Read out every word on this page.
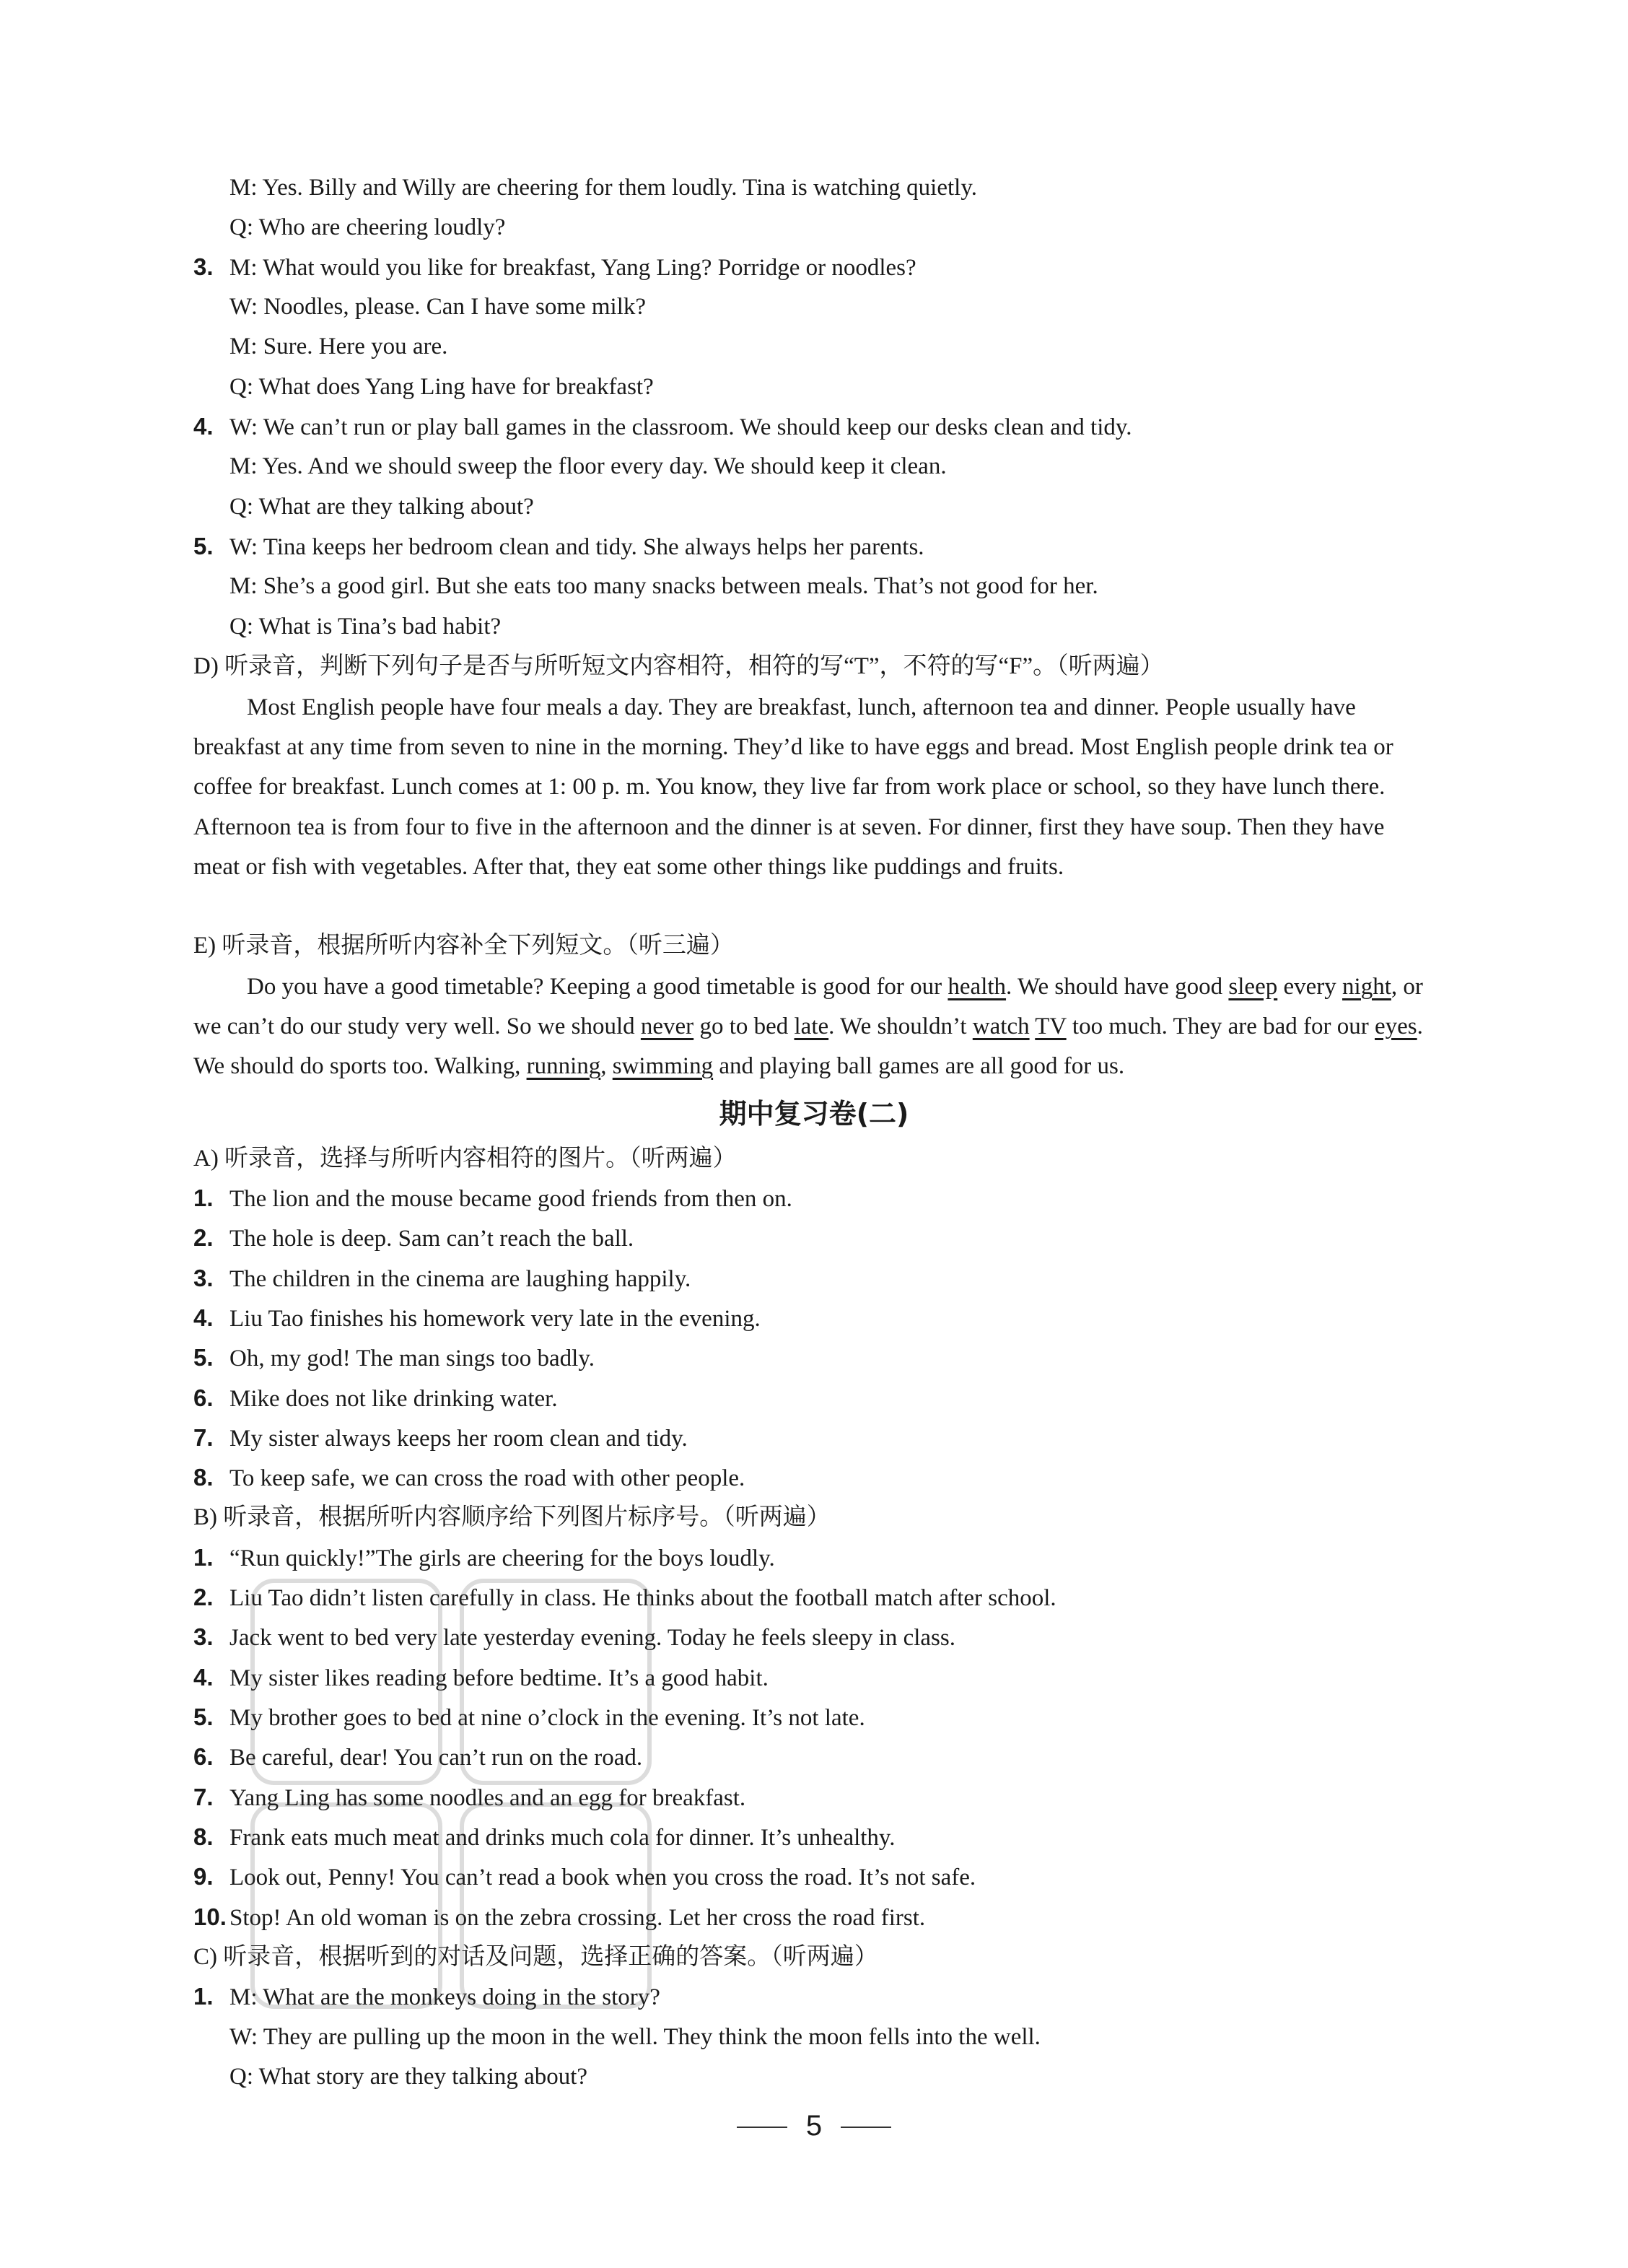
M: Yes. Billy and Willy are cheering for them loudly. Tina is watching quietly.
Q: Who are cheering loudly?
3. M: What would you like for breakfast, Yang Ling? Porridge or noodles?
W: Noodles, please. Can I have some milk?
M: Sure. Here you are.
Q: What does Yang Ling have for breakfast?
4. W: We can’t run or play ball games in the classroom. We should keep our desks clean and tidy.
M: Yes. And we should sweep the floor every day. We should keep it clean.
Q: What are they talking about?
5. W: Tina keeps her bedroom clean and tidy. She always helps her parents.
M: She’s a good girl. But she eats too many snacks between meals. That’s not good for her.
Q: What is Tina’s bad habit?
D) 听录音，判断下列句子是否与所听短文内容相符，相符的写“T”，不符的写“F”。（听两遍）
Most English people have four meals a day. They are breakfast, lunch, afternoon tea and dinner. People usually have breakfast at any time from seven to nine in the morning. They’d like to have eggs and bread. Most English people drink tea or coffee for breakfast. Lunch comes at 1: 00 p. m. You know, they live far from work place or school, so they have lunch there. Afternoon tea is from four to five in the afternoon and the dinner is at seven. For dinner, first they have soup. Then they have meat or fish with vegetables. After that, they eat some other things like puddings and fruits.
E) 听录音，根据所听内容补全下列短文。（听三遍）
Do you have a good timetable? Keeping a good timetable is good for our health. We should have good sleep every night, or we can’t do our study very well. So we should never go to bed late. We shouldn’t watch TV too much. They are bad for our eyes. We should do sports too. Walking, running, swimming and playing ball games are all good for us.
期中复习卷(二)
A) 听录音，选择与所听内容相符的图片。（听两遍）
1. The lion and the mouse became good friends from then on.
2. The hole is deep. Sam can’t reach the ball.
3. The children in the cinema are laughing happily.
4. Liu Tao finishes his homework very late in the evening.
5. Oh, my god! The man sings too badly.
6. Mike does not like drinking water.
7. My sister always keeps her room clean and tidy.
8. To keep safe, we can cross the road with other people.
B) 听录音，根据所听内容顺序给下列图片标序号。（听两遍）
1. “Run quickly!”The girls are cheering for the boys loudly.
2. Liu Tao didn’t listen carefully in class. He thinks about the football match after school.
3. Jack went to bed very late yesterday evening. Today he feels sleepy in class.
4. My sister likes reading before bedtime. It’s a good habit.
5. My brother goes to bed at nine o’clock in the evening. It’s not late.
6. Be careful, dear! You can’t run on the road.
7. Yang Ling has some noodles and an egg for breakfast.
8. Frank eats much meat and drinks much cola for dinner. It’s unhealthy.
9. Look out, Penny! You can’t read a book when you cross the road. It’s not safe.
10. Stop! An old woman is on the zebra crossing. Let her cross the road first.
C) 听录音，根据听到的对话及问题，选择正确的答案。（听两遍）
1. M: What are the monkeys doing in the story?
W: They are pulling up the moon in the well. They think the moon fells into the well.
Q: What story are they talking about?
5
